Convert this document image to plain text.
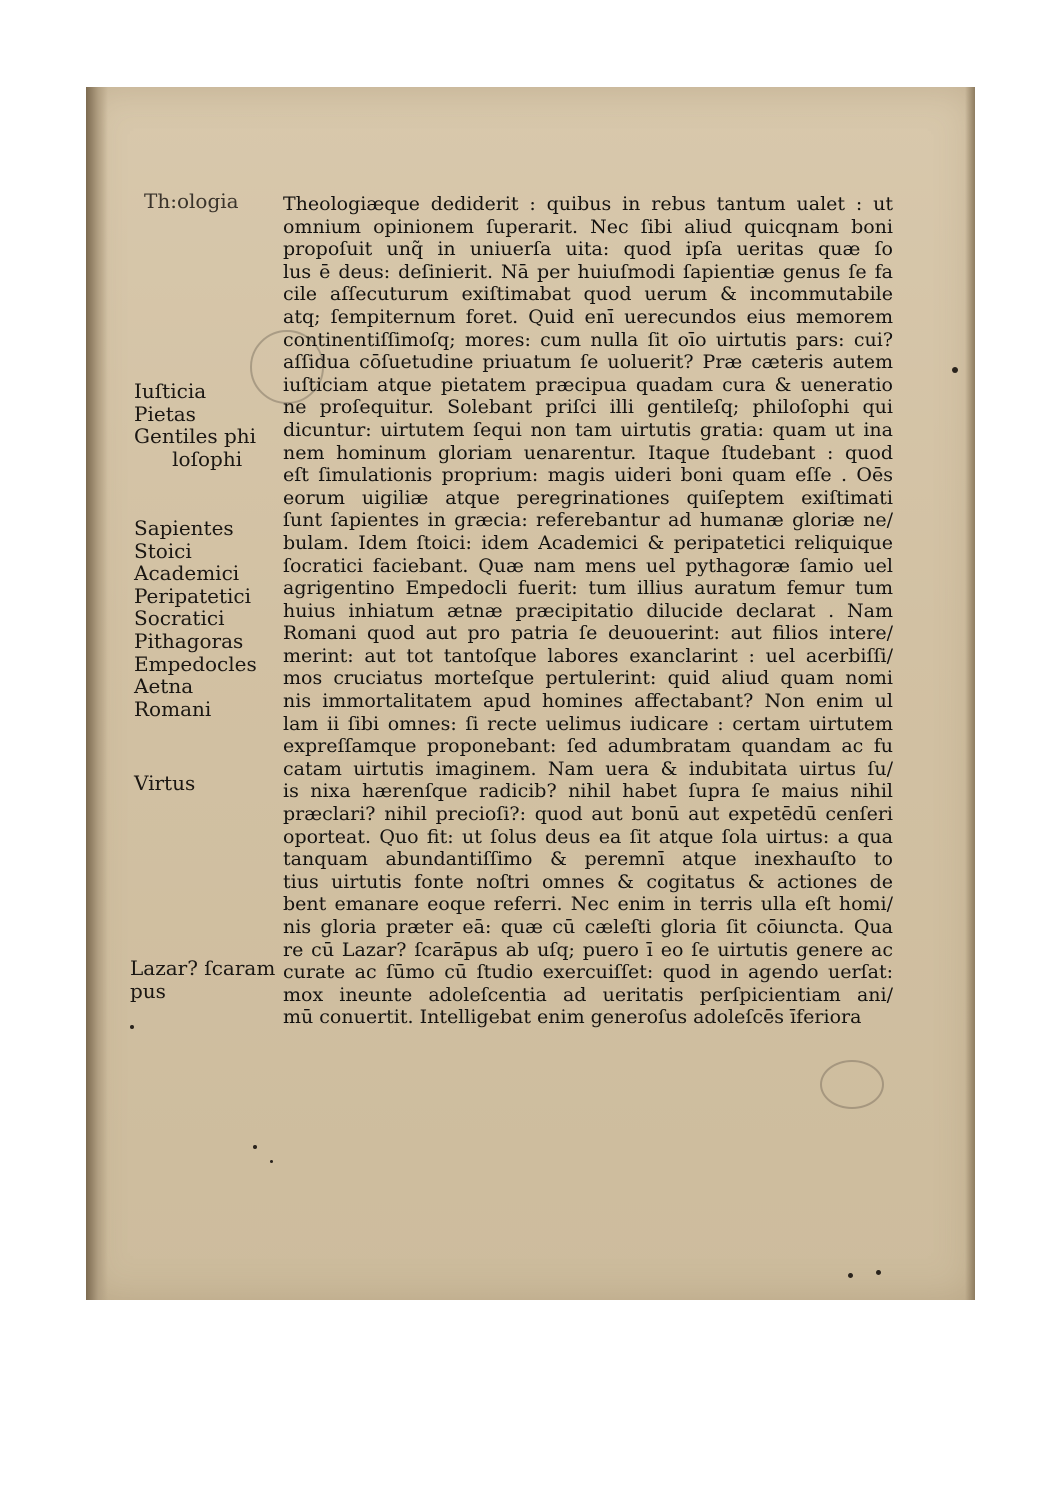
Th:ologia
Iuſticia
Pietas
Gentiles phi
loſophi
Sapientes
Stoici
Academici
Peripatetici
Socratici
Pithagoras
Empedocles
Aetna
Romani
Virtus
Lazar? ſcaram
pus
Theologiæque dediderit : quibus in rebus tantum ualet : ut
omnium opinionem ſuperarit. Nec ſibi aliud quicqnam boni
propoſuit unq̃ in uniuerſa uita: quod ipſa ueritas quæ ſo
lus ē deus: deſinierit. Nā per huiuſmodi ſapientiæ genus ſe fa
cile aſſecuturum exiſtimabat quod uerum & incommutabile
atq; ſempiternum foret. Quid enī uerecundos eius memorem
continentiſſimoſq; mores: cum nulla ſit oīo uirtutis pars: cui?
aſſidua cōſuetudine priuatum ſe uoluerit? Præ cæteris autem
iuſticiam atque pietatem præcipua quadam cura & ueneratio
ne proſequitur. Solebant priſci illi gentileſq; philoſophi qui
dicuntur: uirtutem ſequi non tam uirtutis gratia: quam ut ina
nem hominum gloriam uenarentur. Itaque ſtudebant : quod
eſt ſimulationis proprium: magis uideri boni quam eſſe . Oēs
eorum uigiliæ atque peregrinationes quiſeptem exiſtimati
ſunt ſapientes in græcia: referebantur ad humanæ gloriæ ne/
bulam. Idem ſtoici: idem Academici & peripatetici reliquique
ſocratici faciebant. Quæ nam mens uel pythagoræ ſamio uel
agrigentino Empedocli fuerit: tum illius auratum femur tum
huius inhiatum ætnæ præcipitatio dilucide declarat . Nam
Romani quod aut pro patria ſe deuouerint: aut filios intere/
merint: aut tot tantoſque labores exanclarint : uel acerbiſſi/
mos cruciatus morteſque pertulerint: quid aliud quam nomi
nis immortalitatem apud homines affectabant? Non enim ul
lam ii ſibi omnes: ſi recte uelimus iudicare : certam uirtutem
expreſſamque proponebant: ſed adumbratam quandam ac fu
catam uirtutis imaginem. Nam uera & indubitata uirtus ſu/
is nixa hærenſque radicib? nihil habet ſupra ſe maius nihil
præclari? nihil precioſi?: quod aut bonū aut expetēdū cenſeri
oporteat. Quo fit: ut ſolus deus ea ſit atque ſola uirtus: a qua
tanquam abundantiſſimo & peremnī atque inexhauſto to
tius uirtutis fonte noſtri omnes & cogitatus & actiones de
bent emanare eoque referri. Nec enim in terris ulla eſt homi/
nis gloria præter eā: quæ cū cæleſti gloria ſit cōiuncta. Qua
re cū Lazar? ſcarāpus ab uſq; puero ī eo ſe uirtutis genere ac
curate ac ſūmo cū ſtudio exercuiſſet: quod in agendo uerſat:
mox ineunte adoleſcentia ad ueritatis perſpicientiam ani/
mū conuertit. Intelligebat enim generoſus adoleſcēs īferiora
